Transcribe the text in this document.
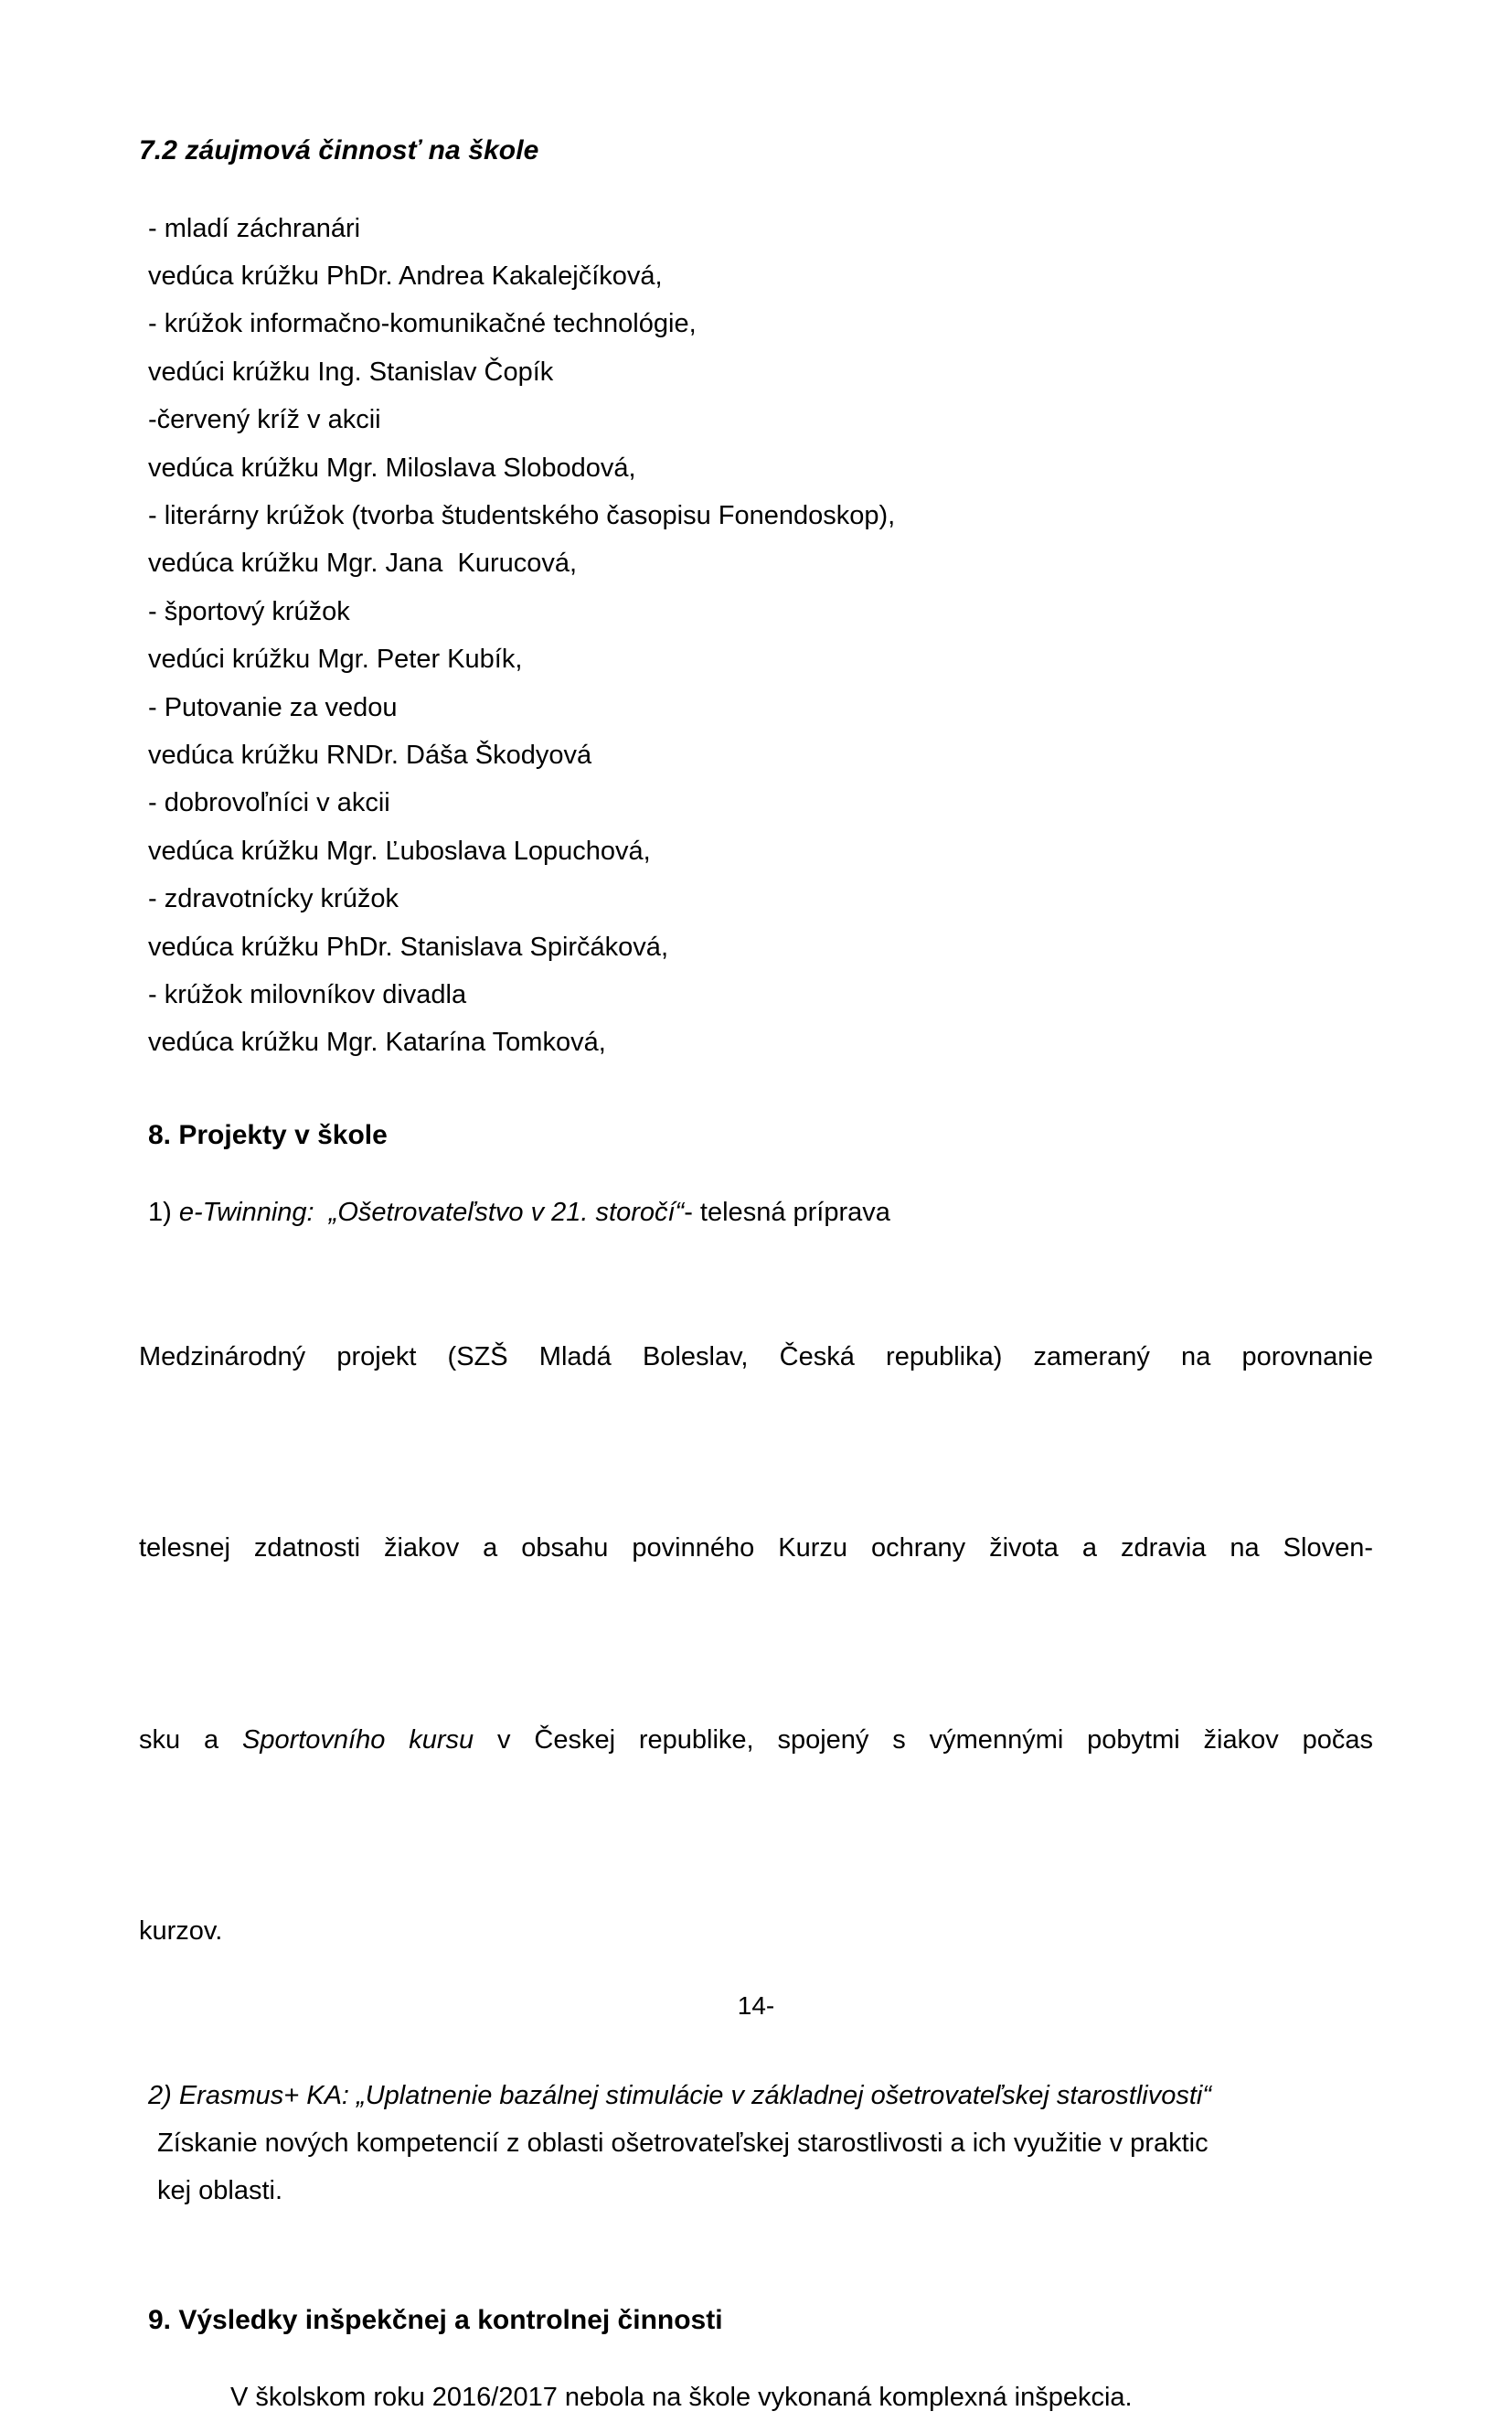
7.2 záujmová činnosť na škole
- mladí záchranári
vedúca krúžku PhDr. Andrea Kakalejčíková,
- krúžok informačno-komunikačné technológie,
vedúci krúžku Ing. Stanislav Čopík
-červený kríž v akcii
vedúca krúžku Mgr. Miloslava Slobodová,
- literárny krúžok (tvorba študentského časopisu Fonendoskop),
vedúca krúžku Mgr. Jana  Kurucová,
- športový krúžok
vedúci krúžku Mgr. Peter Kubík,
- Putovanie za vedou
vedúca krúžku RNDr. Dáša Škodyová
- dobrovoľníci v akcii
vedúca krúžku Mgr. Ľuboslava Lopuchová,
- zdravotnícky krúžok
vedúca krúžku PhDr. Stanislava Spirčáková,
- krúžok milovníkov divadla
vedúca krúžku Mgr. Katarína Tomková,
8. Projekty v škole

1) e-Twinning:  „Ošetrovateľstvo v 21. storočí“- telesná príprava

Medzinárodný projekt (SZŠ Mladá Boleslav, Česká republika) zameraný na porovnanie

telesnej zdatnosti žiakov a obsahu povinného Kurzu ochrany života a zdravia na Sloven-

sku a Sportovního kursu v Českej republike, spojený s výmennými pobytmi žiakov počas

kurzov.

2) Erasmus+ KA: „Uplatnenie bazálnej stimulácie v základnej ošetrovateľskej starostlivosti“

Získanie nových kompetencií z oblasti ošetrovateľskej starostlivosti a ich využitie v praktic

kej oblasti.

9. Výsledky inšpekčnej a kontrolnej činnosti

V školskom roku 2016/2017 nebola na škole vykonaná komplexná inšpekcia.

14-
